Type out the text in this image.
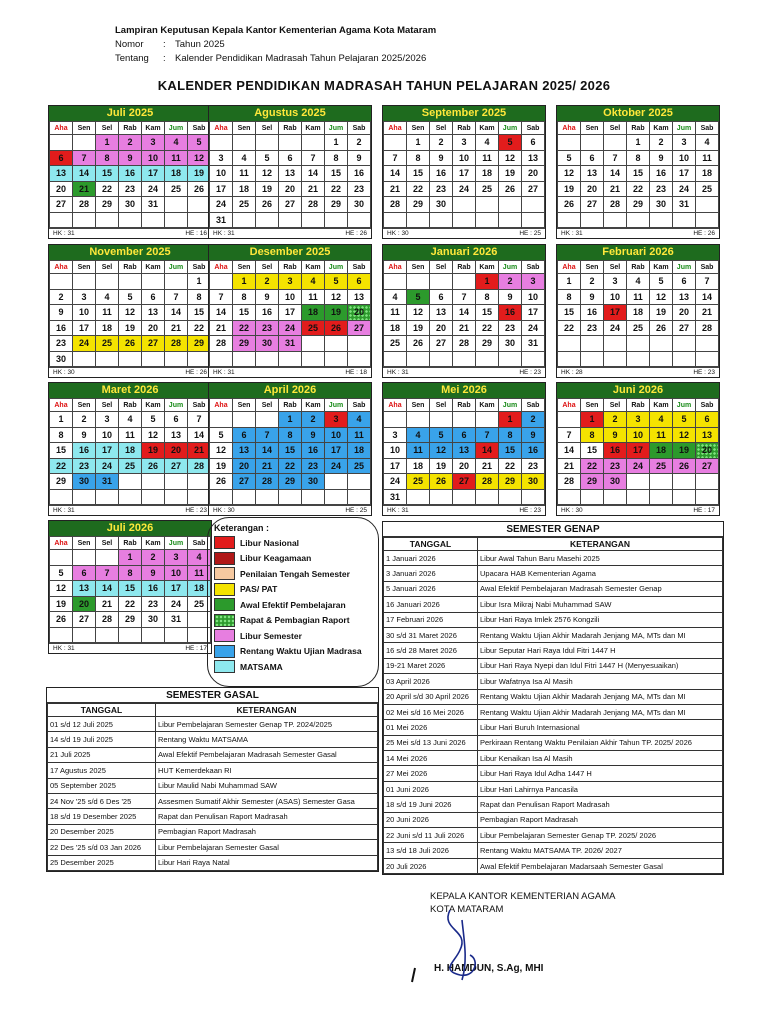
Lampiran Keputusan Kepala Kantor Kementerian Agama Kota Mataram
Nomor : Tahun 2025
Tentang : Kalender Pendidikan Madrasah Tahun Pelajaran 2025/2026
KALENDER PENDIDIKAN MADRASAH TAHUN PELAJARAN 2025/ 2026
Juli 2025
Aha	Sen	Sel	Rab	Kam	Jum	Sab
		1	2	3	4	5
6	7	8	9	10	11	12
13	14	15	16	17	18	19
20	21	22	23	24	25	26
27	28	29	30	31		

HK : 31	HE : 16
Agustus 2025
Aha	Sen	Sel	Rab	Kam	Jum	Sab
					1	2
3	4	5	6	7	8	9
10	11	12	13	14	15	16
17	18	19	20	21	22	23
24	25	26	27	28	29	30
31						
HK : 31	HE : 26
September 2025
Aha	Sen	Sel	Rab	Kam	Jum	Sab
	1	2	3	4	5	6
7	8	9	10	11	12	13
14	15	16	17	18	19	20
21	22	23	24	25	26	27
28	29	30				

HK : 30	HE : 25
Oktober 2025
Aha	Sen	Sel	Rab	Kam	Jum	Sab
			1	2	3	4
5	6	7	8	9	10	11
12	13	14	15	16	17	18
19	20	21	22	23	24	25
26	27	28	29	30	31	

HK : 31	HE : 26
November 2025
Aha	Sen	Sel	Rab	Kam	Jum	Sab
						1
2	3	4	5	6	7	8
9	10	11	12	13	14	15
16	17	18	19	20	21	22
23	24	25	26	27	28	29
30						
HK : 30	HE : 26
Desember 2025
Aha	Sen	Sel	Rab	Kam	Jum	Sab
	1	2	3	4	5	6
7	8	9	10	11	12	13
14	15	16	17	18	19	20
21	22	23	24	25	26	27
28	29	30	31			

HK : 31	HE : 18
Januari 2026
Aha	Sen	Sel	Rab	Kam	Jum	Sab
				1	2	3
4	5	6	7	8	9	10
11	12	13	14	15	16	17
18	19	20	21	22	23	24
25	26	27	28	29	30	31

HK : 31	HE : 23
Februari 2026
Aha	Sen	Sel	Rab	Kam	Jum	Sab
1	2	3	4	5	6	7
8	9	10	11	12	13	14
15	16	17	18	19	20	21
22	23	24	25	26	27	28

HK : 28	HE : 23
Maret 2026
Aha	Sen	Sel	Rab	Kam	Jum	Sab
1	2	3	4	5	6	7
8	9	10	11	12	13	14
15	16	17	18	19	20	21
22	23	24	25	26	27	28
29	30	31				

HK : 31	HE : 23
April 2026
Aha	Sen	Sel	Rab	Kam	Jum	Sab
			1	2	3	4
5	6	7	8	9	10	11
12	13	14	15	16	17	18
19	20	21	22	23	24	25
26	27	28	29	30		

HK : 30	HE : 25
Mei 2026
Aha	Sen	Sel	Rab	Kam	Jum	Sab
					1	2
3	4	5	6	7	8	9
10	11	12	13	14	15	16
17	18	19	20	21	22	23
24	25	26	27	28	29	30
31						
HK : 31	HE : 23
Juni 2026
Aha	Sen	Sel	Rab	Kam	Jum	Sab
	1	2	3	4	5	6
7	8	9	10	11	12	13
14	15	16	17	18	19	20
21	22	23	24	25	26	27
28	29	30				

HK : 30	HE : 17
Juli 2026
Aha	Sen	Sel	Rab	Kam	Jum	Sab
			1	2	3	4
5	6	7	8	9	10	11
12	13	14	15	16	17	18
19	20	21	22	23	24	25
26	27	28	29	30	31	

HK : 31	HE : 17
Keterangan :
Libur Nasional
Libur Keagamaan
Penilaian Tengah Semester
PAS/ PAT
Awal Efektif Pembelajaran
Rapat & Pembagian Raport
Libur Semester
Rentang Waktu Ujian Madrasa
MATSAMA
SEMESTER GASAL
TANGGAL	KETERANGAN
01 s/d 12 Juli 2025	Libur Pembelajaran Semester Genap TP. 2024/2025
14 s/d 19 Juli 2025	Rentang Waktu MATSAMA
21 Juli 2025	Awal Efektif Pembelajaran Madrasah Semester Gasal
17 Agustus 2025	HUT Kemerdekaan RI
05 September 2025	Libur Maulid Nabi Muhammad SAW
24 Nov '25 s/d 6 Des '25	Assesmen Sumatif Akhir Semester (ASAS) Semester Gasa
18 s/d 19 Desember 2025	Rapat dan Penulisan Raport Madrasah
20 Desember 2025	Pembagian Raport Madrasah
22 Des '25 s/d 03 Jan 2026	Libur Pembelajaran Semester Gasal
25 Desember 2025	Libur Hari Raya Natal
SEMESTER GENAP
TANGGAL	KETERANGAN
1 Januari 2026	Libur Awal Tahun Baru Masehi 2025
3 Januari 2026	Upacara HAB Kementerian Agama
5 Januari 2026	Awal Efektif Pembelajaran Madrasah Semester Genap
16 Januari 2026	Libur Isra Mikraj Nabi Muhammad SAW
17 Februari 2026	Libur Hari Raya Imlek 2576 Kongzili
30 s/d 31 Maret 2026	Rentang Waktu Ujian Akhir Madarah Jenjang MA, MTs dan MI
16 s/d 28 Maret 2026	Libur Seputar Hari Raya Idul Fitri 1447 H
19-21 Maret 2026	Libur Hari Raya Nyepi dan Idul Fitri 1447 H (Menyesuaikan)
03 April 2026	Libur Wafatnya Isa Al Masih
20 April s/d 30 April 2026	Rentang Waktu Ujian Akhir Madarah Jenjang MA, MTs dan MI
02 Mei s/d 16 Mei 2026	Rentang Waktu Ujian Akhir Madarah Jenjang MA, MTs dan MI
01 Mei 2026	Libur Hari Buruh Internasional
25 Mei s/d 13 Juni 2026	Perkiraan Rentang Waktu Penilaian Akhir Tahun TP. 2025/ 2026
14 Mei 2026	Libur Kenaikan Isa Al Masih
27 Mei 2026	Libur Hari Raya Idul Adha 1447 H
01 Juni 2026	Libur Hari Lahirnya Pancasila
18 s/d 19 Juni 2026	Rapat dan Penulisan Raport Madrasah
20 Juni 2026	Pembagian Raport Madrasah
22 Juni s/d 11 Juli 2026	Libur Pembelajaran Semester Genap TP. 2025/ 2026
13 s/d 18 Juli 2026	Rentang Waktu MATSAMA TP. 2026/ 2027
20 Juli 2026	Awal Efektif Pembelajaran Madarsaah Semester Gasal
KEPALA KANTOR KEMENTERIAN AGAMA
KOTA MATARAM
H. HAMDUN, S.Ag, MHI
